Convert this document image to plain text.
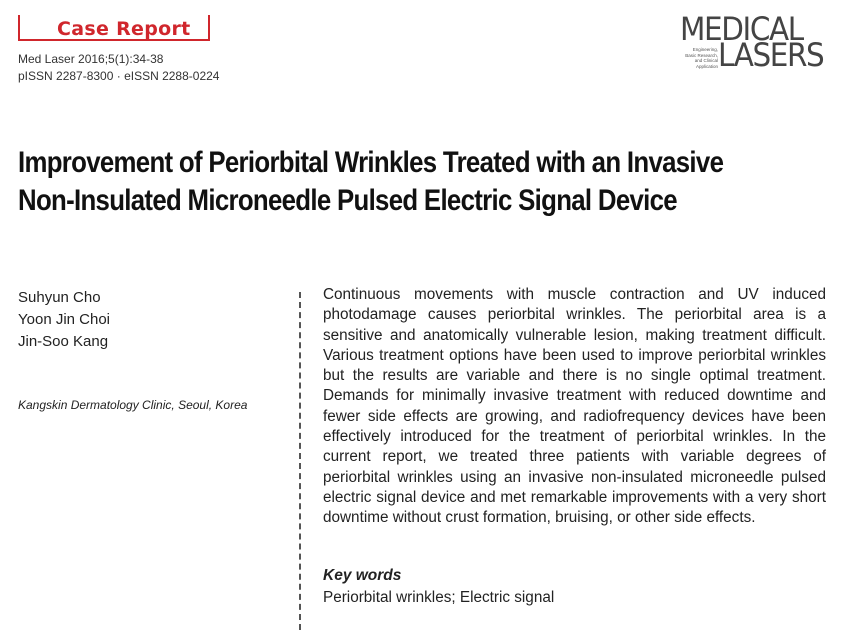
Case Report
Med Laser 2016;5(1):34-38
pISSN 2287-8300 · eISSN 2288-0224
MEDICAL
Engineering,
Basic Research,
and Clinical Application LASERS
Improvement of Periorbital Wrinkles Treated with an Invasive
Non-Insulated Microneedle Pulsed Electric Signal Device
Suhyun Cho
Yoon Jin Choi
Jin-Soo Kang
Kangskin Dermatology Clinic, Seoul, Korea

Continuous movements with muscle contraction and UV induced photodamage causes periorbital wrinkles. The periorbital area is a sensitive and anatomically vulnerable lesion, making treatment difficult. Various treatment options have been used to improve periorbital wrinkles but the results are variable and there is no single optimal treatment. Demands for minimally invasive treatment with reduced downtime and fewer side effects are growing, and radiofrequency devices have been effectively introduced for the treatment of periorbital wrinkles. In the current report, we treated three patients with variable degrees of periorbital wrinkles using an invasive non-insulated microneedle pulsed electric signal device and met remarkable improvements with a very short downtime without crust formation, bruising, or other side effects.

Key words
Periorbital wrinkles; Electric signal
